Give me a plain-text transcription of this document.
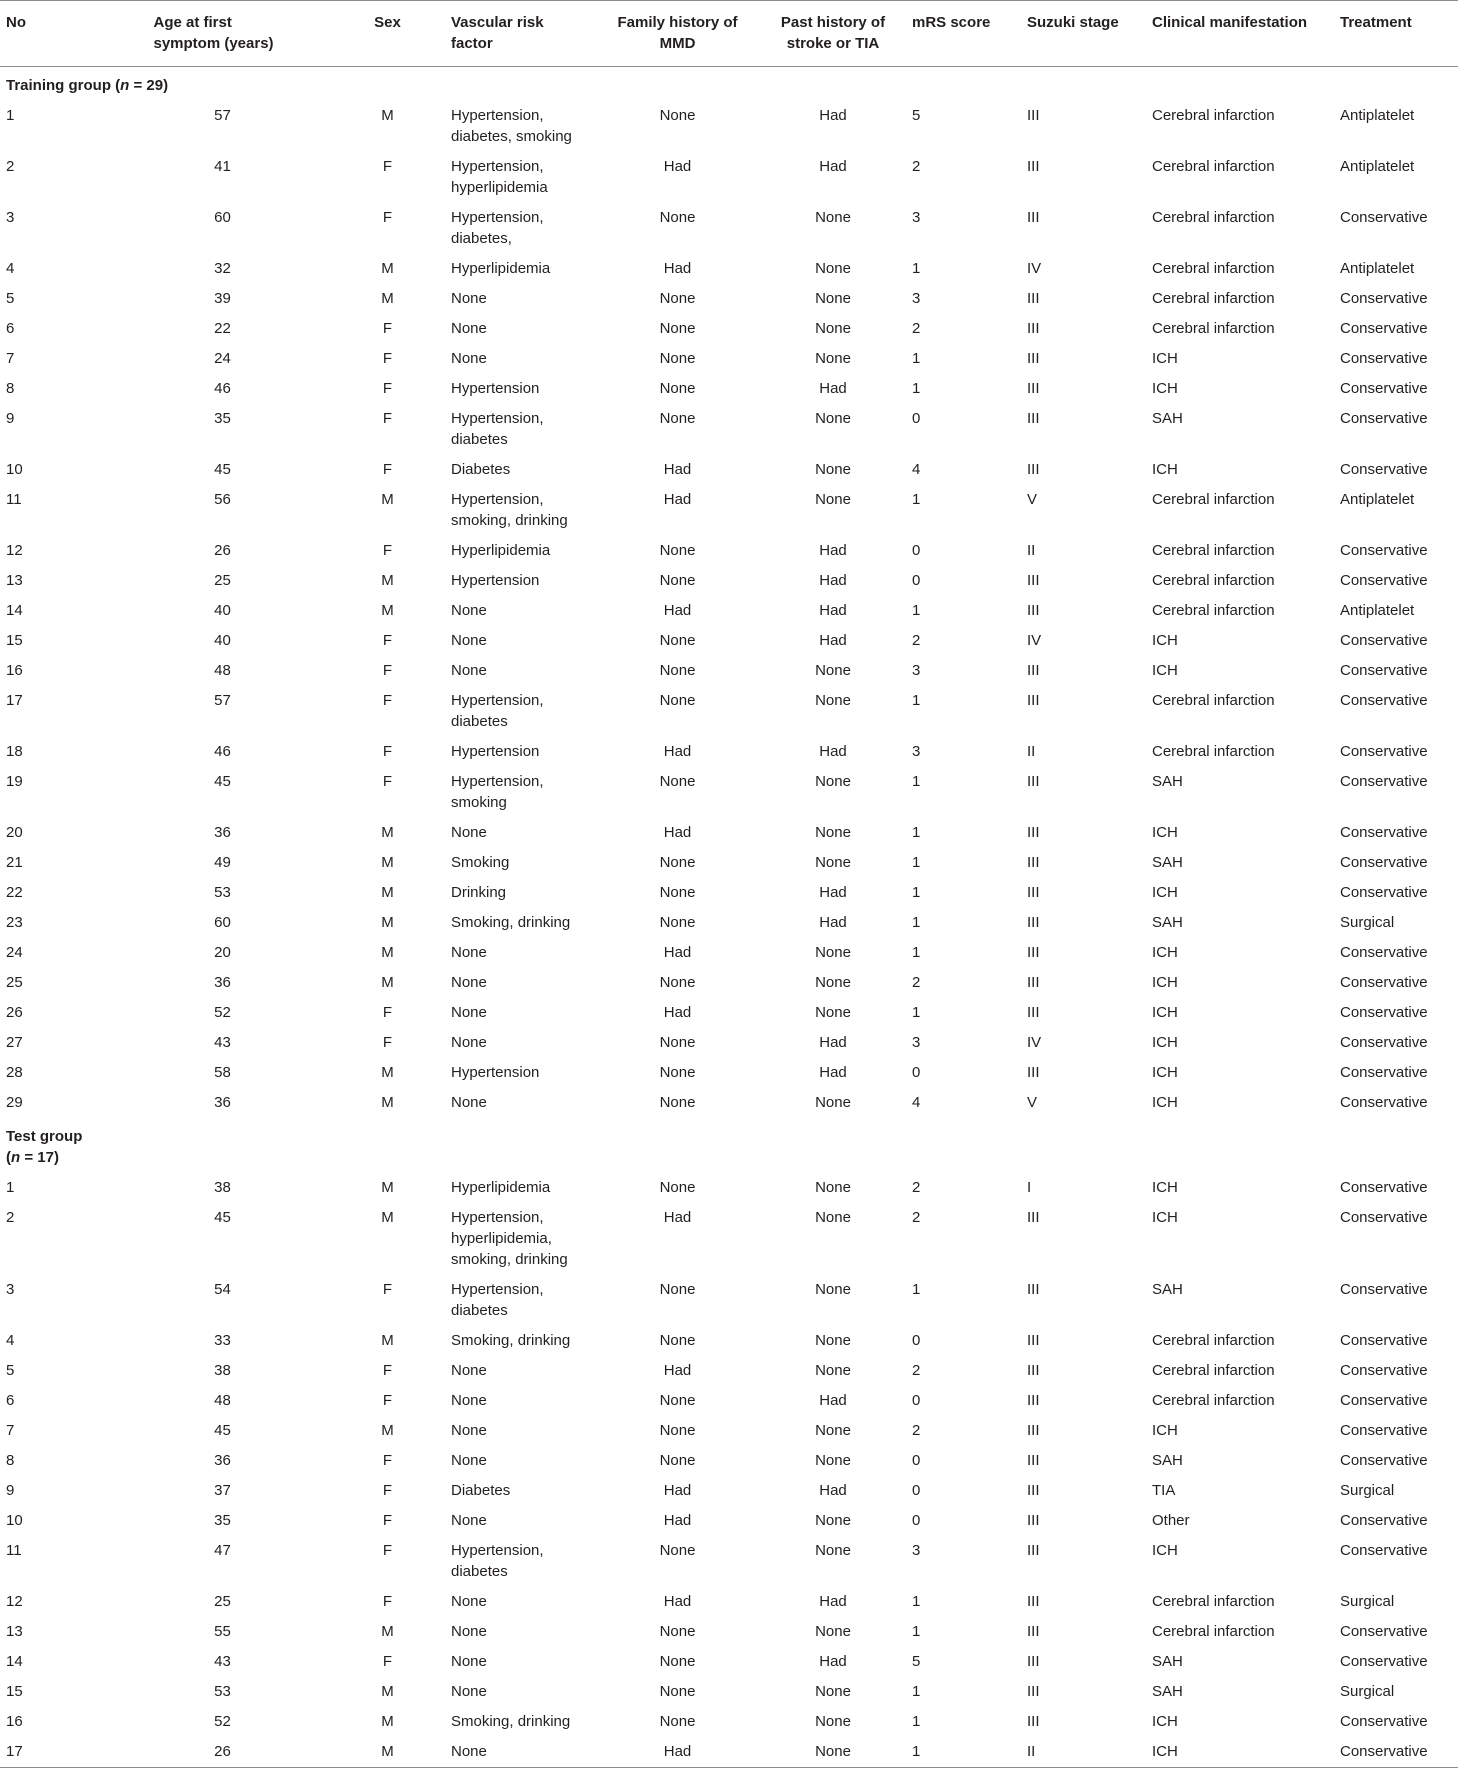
No	Age at first symptom (years)	Sex	Vascular risk factor	Family history of MMD	Past history of stroke or TIA	mRS score	Suzuki stage	Clinical manifestation	Treatment
Training group (n = 29)									
1	57	M	Hypertension, diabetes, smoking	None	Had	5	III	Cerebral infarction	Antiplatelet
2	41	F	Hypertension, hyperlipidemia	Had	Had	2	III	Cerebral infarction	Antiplatelet
3	60	F	Hypertension, diabetes,	None	None	3	III	Cerebral infarction	Conservative
4	32	M	Hyperlipidemia	Had	None	1	IV	Cerebral infarction	Antiplatelet
5	39	M	None	None	None	3	III	Cerebral infarction	Conservative
6	22	F	None	None	None	2	III	Cerebral infarction	Conservative
7	24	F	None	None	None	1	III	ICH	Conservative
8	46	F	Hypertension	None	Had	1	III	ICH	Conservative
9	35	F	Hypertension, diabetes	None	None	0	III	SAH	Conservative
10	45	F	Diabetes	Had	None	4	III	ICH	Conservative
11	56	M	Hypertension, smoking, drinking	Had	None	1	V	Cerebral infarction	Antiplatelet
12	26	F	Hyperlipidemia	None	Had	0	II	Cerebral infarction	Conservative
13	25	M	Hypertension	None	Had	0	III	Cerebral infarction	Conservative
14	40	M	None	Had	Had	1	III	Cerebral infarction	Antiplatelet
15	40	F	None	None	Had	2	IV	ICH	Conservative
16	48	F	None	None	None	3	III	ICH	Conservative
17	57	F	Hypertension, diabetes	None	None	1	III	Cerebral infarction	Conservative
18	46	F	Hypertension	Had	Had	3	II	Cerebral infarction	Conservative
19	45	F	Hypertension, smoking	None	None	1	III	SAH	Conservative
20	36	M	None	Had	None	1	III	ICH	Conservative
21	49	M	Smoking	None	None	1	III	SAH	Conservative
22	53	M	Drinking	None	Had	1	III	ICH	Conservative
23	60	M	Smoking, drinking	None	Had	1	III	SAH	Surgical
24	20	M	None	Had	None	1	III	ICH	Conservative
25	36	M	None	None	None	2	III	ICH	Conservative
26	52	F	None	Had	None	1	III	ICH	Conservative
27	43	F	None	None	Had	3	IV	ICH	Conservative
28	58	M	Hypertension	None	Had	0	III	ICH	Conservative
29	36	M	None	None	None	4	V	ICH	Conservative
Test group
(n = 17)									
1	38	M	Hyperlipidemia	None	None	2	I	ICH	Conservative
2	45	M	Hypertension, hyperlipidemia, smoking, drinking	Had	None	2	III	ICH	Conservative
3	54	F	Hypertension, diabetes	None	None	1	III	SAH	Conservative
4	33	M	Smoking, drinking	None	None	0	III	Cerebral infarction	Conservative
5	38	F	None	Had	None	2	III	Cerebral infarction	Conservative
6	48	F	None	None	Had	0	III	Cerebral infarction	Conservative
7	45	M	None	None	None	2	III	ICH	Conservative
8	36	F	None	None	None	0	III	SAH	Conservative
9	37	F	Diabetes	Had	Had	0	III	TIA	Surgical
10	35	F	None	Had	None	0	III	Other	Conservative
11	47	F	Hypertension, diabetes	None	None	3	III	ICH	Conservative
12	25	F	None	Had	Had	1	III	Cerebral infarction	Surgical
13	55	M	None	None	None	1	III	Cerebral infarction	Conservative
14	43	F	None	None	Had	5	III	SAH	Conservative
15	53	M	None	None	None	1	III	SAH	Surgical
16	52	M	Smoking, drinking	None	None	1	III	ICH	Conservative
17	26	M	None	Had	None	1	II	ICH	Conservative
